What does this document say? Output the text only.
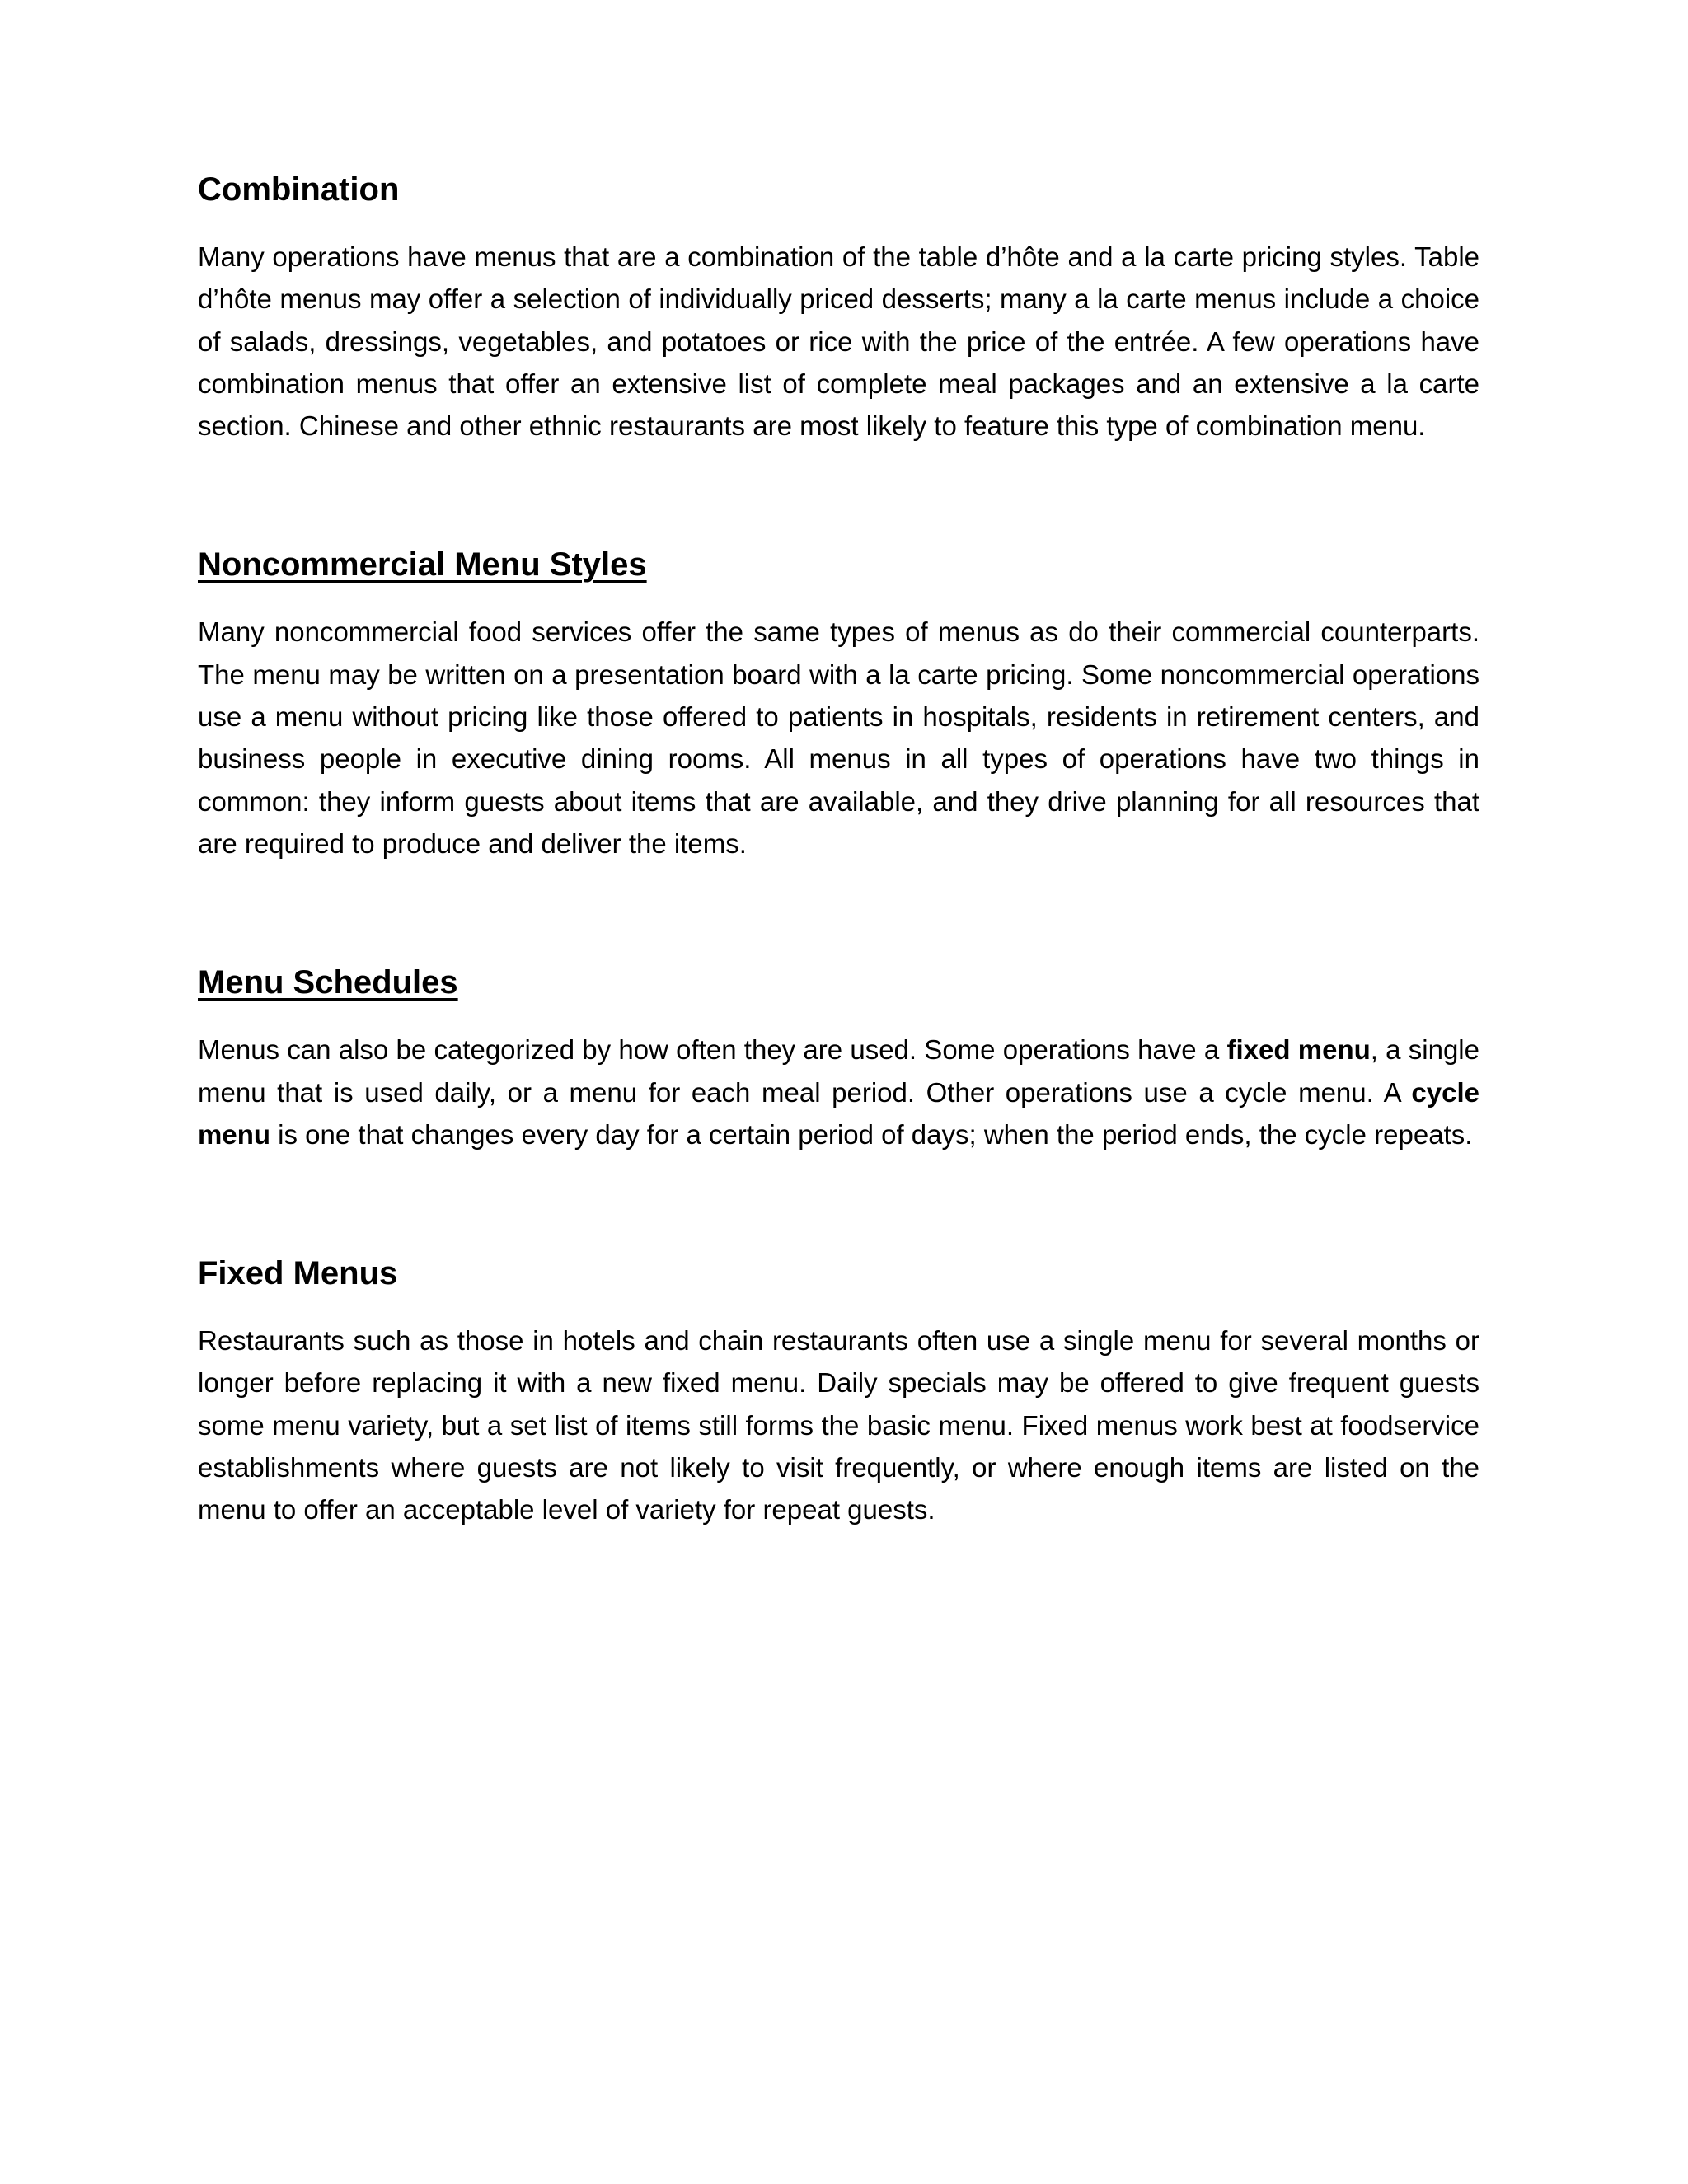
Combination

Many operations have menus that are a combination of the table d’hôte and a la carte pricing styles. Table d’hôte menus may offer a selection of individually priced desserts; many a la carte menus include a choice of salads, dressings, vegetables, and potatoes or rice with the price of the entrée. A few operations have combination menus that offer an extensive list of complete meal packages and an extensive a la carte section. Chinese and other ethnic restaurants are most likely to feature this type of combination menu.

Noncommercial Menu Styles

Many noncommercial food services offer the same types of menus as do their commercial counterparts. The menu may be written on a presentation board with a la carte pricing. Some noncommercial operations use a menu without pricing like those offered to patients in hospitals, residents in retirement centers, and business people in executive dining rooms. All menus in all types of operations have two things in common: they inform guests about items that are available, and they drive planning for all resources that are required to produce and deliver the items.

Menu Schedules

Menus can also be categorized by how often they are used. Some operations have a fixed menu, a single menu that is used daily, or a menu for each meal period. Other operations use a cycle menu. A cycle menu is one that changes every day for a certain period of days; when the period ends, the cycle repeats.

Fixed Menus

Restaurants such as those in hotels and chain restaurants often use a single menu for several months or longer before replacing it with a new fixed menu. Daily specials may be offered to give frequent guests some menu variety, but a set list of items still forms the basic menu. Fixed menus work best at foodservice establishments where guests are not likely to visit frequently, or where enough items are listed on the menu to offer an acceptable level of variety for repeat guests.
